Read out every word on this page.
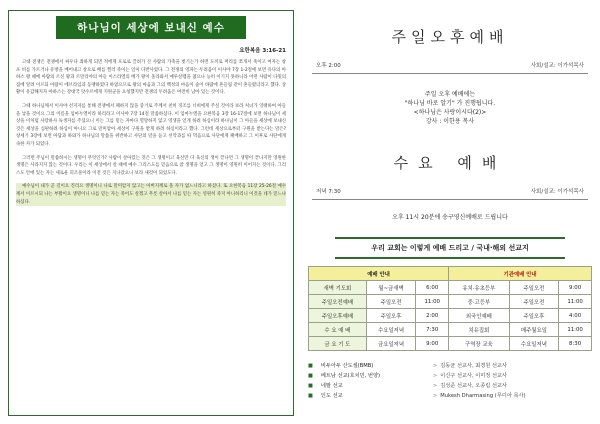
하나님이 세상에 보내신 예수
요한복음 3:16-21

고대 전쟁은 전쟁에서 싸우다 죄하게 되면 적에게 포로로 끌려가 산 사람의 가축을 벗기는가 하면 도끼로 머리를 쪼개서 죽이고 여자는 창포 비를 가르거나 유방을 베어내고 창으로 배를 찔러 죽이는 일이 다반사였다. 그 전쟁의 영파는 두려움이 이사야 7장 1-2절에 보면 유다의 아하스 왕 때에 아람의 르신 왕과 르말리야의 아들 이스라엘의 베가 왕이 올라와서 예루살렘을 쳤으나 능히 이기지 못하니라 어떤 사람이 다윗의 집에 알려 이르되 아람이 에브라임과 동맹하였다 하였으므로 왕의 마음과 그의 백성의 마음이 숲이 바람에 흔들림 같이 흔들렸더라고 했다. 상황이 유감해지자 아하스는 강대국 앗수르에게 지원군을 요청했지만 전쟁의 두려움은 여전히 남아 있는 것이다.

그때 하나님께서 이사야 선지자를 통해 전쟁에서 패하지 않을 증거로 주께서 친히 징조를 너희에게 주실 것이라 보라 처녀가 잉태하여 아들을 낳을 것이요 그의 이름을 임마누엘이라 하리라고 이사야 7장 14절 말씀하셨다. 이 임마누엘을 요한복음 3장 16-17절에 보면 하나님이 세상을 이처럼 사랑하사 독생자를 주셨으니 이는 그를 믿는 자마다 멸망하지 않고 영생을 얻게 하려 하심이라 하나님이 그 아들을 세상에 보내신 것은 세상을 심판하려 하심이 아니요 그로 말미암아 세상이 구원을 받게 하려 하심이라고 했다. 그런데 세상으로부터 구원을 받는다는 말은? 창세기 3장에 보면 아담과 하와가 하나님의 말씀을 위반하고 사단의 말을 듣고 선악과를 따 먹음으로 사단에게 패배하고 그 이후로 사단에게 속한 자가 되었다.

그러면 주님이 말씀하시는 생명이 무엇인가? 사람이 살아있는 것은 그 생명이고 육신만 다 육신의 생이 끝나면 그 생명이 끝나지만 영원한 생명은 사라지지 않는 것이다. 우리는 이 세상에서 살 때에 예수 그리스도를 믿음으로 참 생명을 얻고 그 생명이 영원히 이어지는 것이다. 그리스도 안에 있는 자는 새로운 피조물이라 이전 것은 지나갔으니 보라 새것이 되었도다.

예수님이 내가 곧 길이요 진리요 생명이니 나로 말미암지 않고는 아버지께로 올 자가 없느니라고 하셨다. 또 요한복음 11장 25-26절 예수께서 이르시되 나는 부활이요 생명이니 나를 믿는 자는 죽어도 살겠고 무릇 살아서 나를 믿는 자는 영원히 죽지 아니하리니 이것을 네가 믿느냐 하셨다.

주일오후예배
오후 2:00	사회/설교: 이가석목사
주일 오후 예배에는
"하나님 바로 알기" 가 진행됩니다.
<하나님은 사랑이시다(2)>
강사 : 이한용 목사
수요 예배
저녁 7:30	사회/설교: 이가석목사
오후 11시 20분에 송구영신예배로 드립니다
우리 교회는 이렇게 예배 드리고 / 국내·해외 선교지
예배 안내			기관예배 안내		
새벽 기도회	월~금새벽	6:00	유치·유초등부	주일오전	9:00
주일오전예배	주일오전	11:00	중·고등부	주일오전	11:00
주일오후예배	주일오후	2:00	외국인예배	주일오후	4:00
수 요 예 배	수요일저녁	7:30	치유집회	매주월요일	11:00
금 요 기 도	금요일저녁	9:00	구역장 교육	수요일저녁	8:30
■	비두아두 산도셀(BMB)	> 김동균 선교사, 최경원 선교사
■	베트남 선교(호치민, 번양)	> 이신구 선교사, 이미정 선교사
■	네팔 선교	> 김성준 선교사, 오종림 선교사
■	인도 선교	> Mukesh Dharmasing (무디아 목사)
